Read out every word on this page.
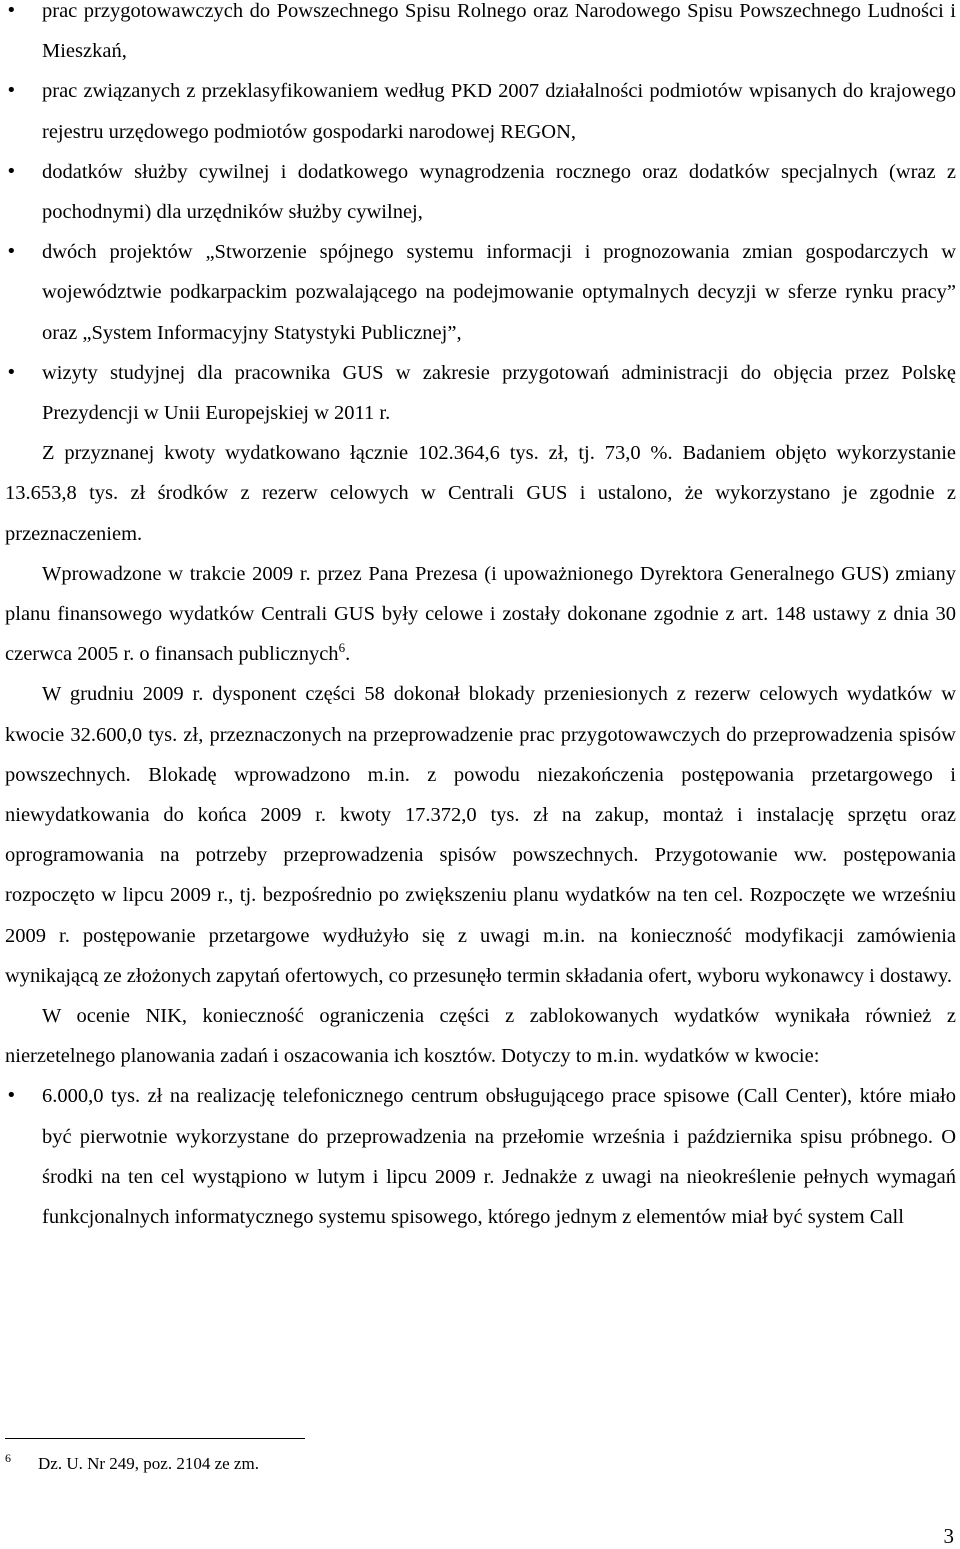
• prac przygotowawczych do Powszechnego Spisu Rolnego oraz Narodowego Spisu Powszechnego Ludności i Mieszkań,
• prac związanych z przeklasyfikowaniem według PKD 2007 działalności podmiotów wpisanych do krajowego rejestru urzędowego podmiotów gospodarki narodowej REGON,
• dodatków służby cywilnej i dodatkowego wynagrodzenia rocznego oraz dodatków specjalnych (wraz z pochodnymi) dla urzędników służby cywilnej,
• dwóch projektów „Stworzenie spójnego systemu informacji i prognozowania zmian gospodarczych w województwie podkarpackim pozwalającego na podejmowanie optymalnych decyzji w sferze rynku pracy” oraz „System Informacyjny Statystyki Publicznej”,
• wizyty studyjnej dla pracownika GUS w zakresie przygotowań administracji do objęcia przez Polskę Prezydencji w Unii Europejskiej w 2011 r.

Z przyznanej kwoty wydatkowano łącznie 102.364,6 tys. zł, tj. 73,0 %. Badaniem objęto wykorzystanie 13.653,8 tys. zł środków z rezerw celowych w Centrali GUS i ustalono, że wykorzystano je zgodnie z przeznaczeniem.

Wprowadzone w trakcie 2009 r. przez Pana Prezesa (i upoważnionego Dyrektora Generalnego GUS) zmiany planu finansowego wydatków Centrali GUS były celowe i zostały dokonane zgodnie z art. 148 ustawy z dnia 30 czerwca 2005 r. o finansach publicznych$^6$.

W grudniu 2009 r. dysponent części 58 dokonał blokady przeniesionych z rezerw celowych wydatków w kwocie 32.600,0 tys. zł, przeznaczonych na przeprowadzenie prac przygotowawczych do przeprowadzenia spisów powszechnych. Blokadę wprowadzono m.in. z powodu niezakończenia postępowania przetargowego i niewydatkowania do końca 2009 r. kwoty 17.372,0 tys. zł na zakup, montaż i instalację sprzętu oraz oprogramowania na potrzeby przeprowadzenia spisów powszechnych. Przygotowanie ww. postępowania rozpoczęto w lipcu 2009 r., tj. bezpośrednio po zwiększeniu planu wydatków na ten cel. Rozpoczęte we wrześniu 2009 r. postępowanie przetargowe wydłużyło się z uwagi m.in. na konieczność modyfikacji zamówienia wynikającą ze złożonych zapytań ofertowych, co przesunęło termin składania ofert, wyboru wykonawcy i dostawy.

W ocenie NIK, konieczność ograniczenia części z zablokowanych wydatków wynikała również z nierzetelnego planowania zadań i oszacowania ich kosztów. Dotyczy to m.in. wydatków w kwocie:

• 6.000,0 tys. zł na realizację telefonicznego centrum obsługującego prace spisowe (Call Center), które miało być pierwotnie wykorzystane do przeprowadzenia na przełomie września i października spisu próbnego. O środki na ten cel wystąpiono w lutym i lipcu 2009 r. Jednakże z uwagi na nieokreślenie pełnych wymagań funkcjonalnych informatycznego systemu spisowego, którego jednym z elementów miał być system Call
6 Dz. U. Nr 249, poz. 2104 ze zm.
3
